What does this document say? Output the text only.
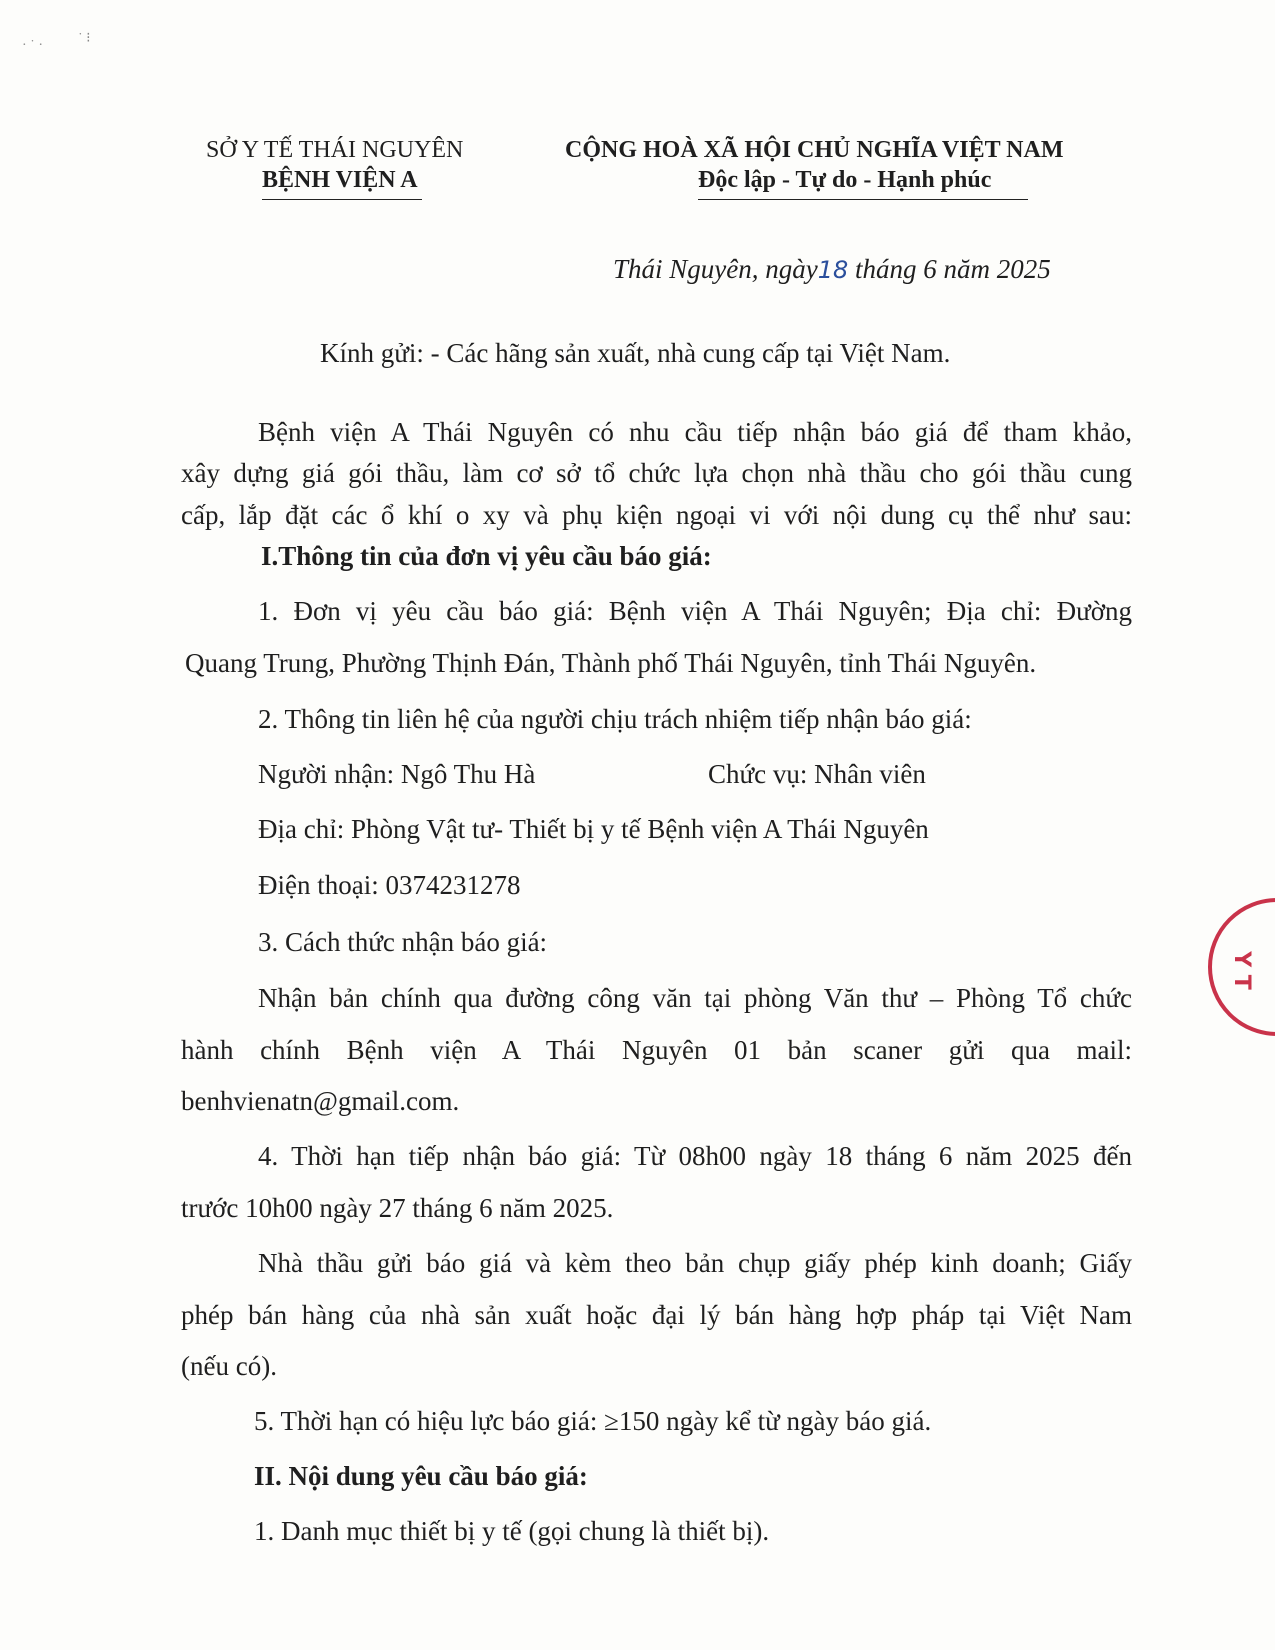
· ˙ ·	˙ ⁝
SỞ Y TẾ THÁI NGUYÊN
BỆNH VIỆN A
CỘNG HOÀ XÃ HỘI CHỦ NGHĨA VIỆT NAM
Độc lập - Tự do - Hạnh phúc
Thái Nguyên, ngày18 tháng 6 năm 2025
Kính gửi: - Các hãng sản xuất, nhà cung cấp tại Việt Nam.
Bệnh viện A Thái Nguyên có nhu cầu tiếp nhận báo giá để tham khảo,
xây dựng giá gói thầu, làm cơ sở tổ chức lựa chọn nhà thầu cho gói thầu cung
cấp, lắp đặt các ổ khí o xy và phụ kiện ngoại vi với nội dung cụ thể như sau:
I.Thông tin của đơn vị yêu cầu báo giá:
1. Đơn vị yêu cầu báo giá: Bệnh viện A Thái Nguyên; Địa chỉ: Đường
Quang Trung, Phường Thịnh Đán, Thành phố Thái Nguyên, tỉnh Thái Nguyên.
2. Thông tin liên hệ của người chịu trách nhiệm tiếp nhận báo giá:
Người nhận: Ngô Thu Hà	Chức vụ: Nhân viên
Địa chỉ: Phòng Vật tư- Thiết bị y tế Bệnh viện A Thái Nguyên
Điện thoại: 0374231278
3. Cách thức nhận báo giá:
Nhận bản chính qua đường công văn tại phòng Văn thư – Phòng Tổ chức
hành chính Bệnh viện A Thái Nguyên 01 bản scaner gửi qua mail:
benhvienatn@gmail.com.
4. Thời hạn tiếp nhận báo giá: Từ 08h00 ngày 18 tháng 6 năm 2025 đến
trước 10h00 ngày 27 tháng 6 năm 2025.
Nhà thầu gửi báo giá và kèm theo bản chụp giấy phép kinh doanh; Giấy
phép bán hàng của nhà sản xuất hoặc đại lý bán hàng hợp pháp tại Việt Nam
(nếu có).
5. Thời hạn có hiệu lực báo giá: ≥150 ngày kể từ ngày báo giá.
II. Nội dung yêu cầu báo giá:
1. Danh mục thiết bị y tế (gọi chung là thiết bị).
Y T
